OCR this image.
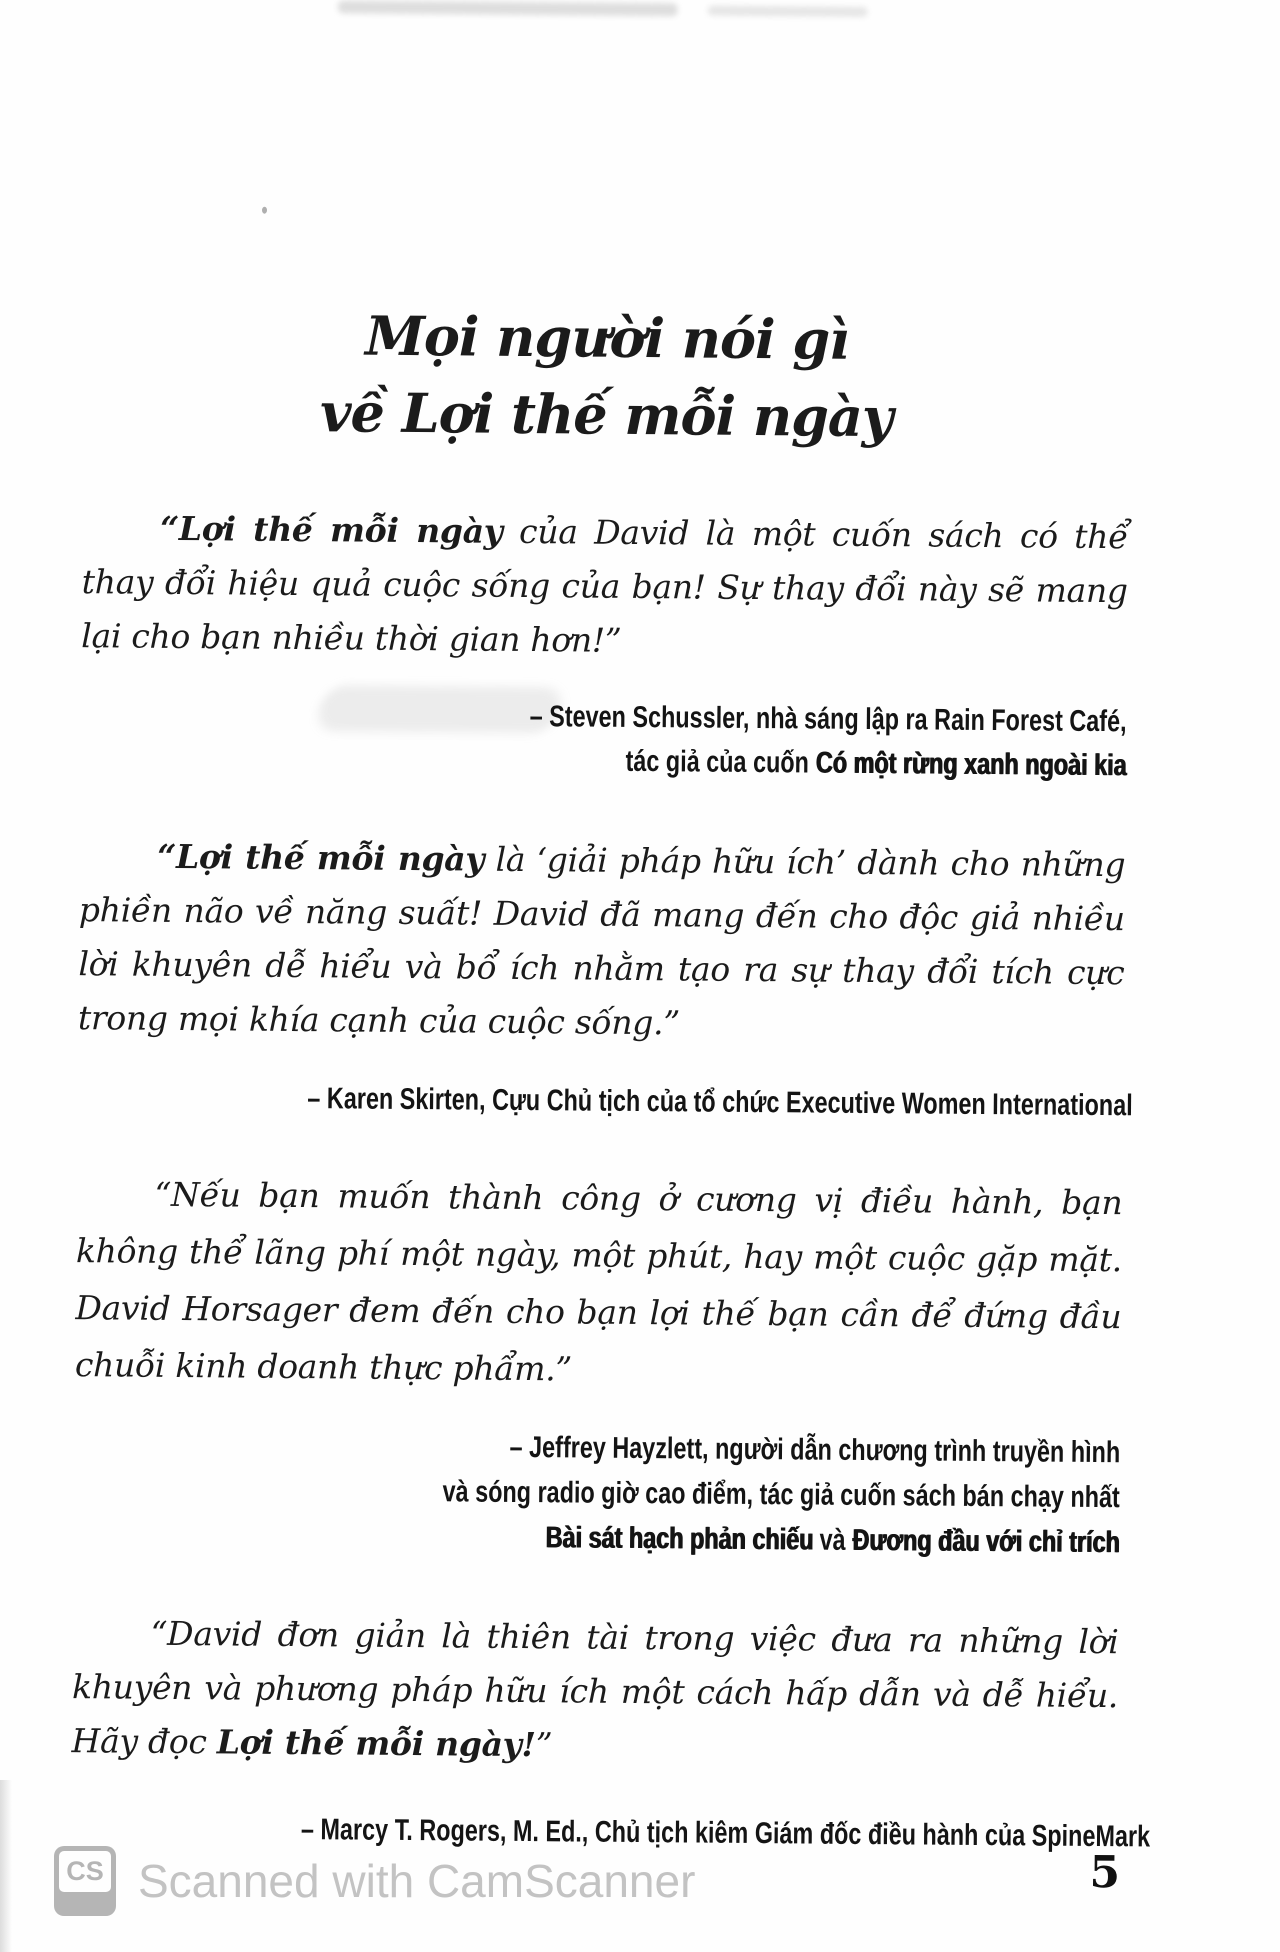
Mọi người nói gì
về Lợi thế mỗi ngày

“Lợi thế mỗi ngày của David là một cuốn sách có thể thay đổi hiệu quả cuộc sống của bạn! Sự thay đổi này sẽ mang lại cho bạn nhiều thời gian hơn!”

– Steven Schussler, nhà sáng lập ra Rain Forest Café,
tác giả của cuốn Có một rừng xanh ngoài kia

“Lợi thế mỗi ngày là ‘giải pháp hữu ích’ dành cho những phiền não về năng suất! David đã mang đến cho độc giả nhiều lời khuyên dễ hiểu và bổ ích nhằm tạo ra sự thay đổi tích cực trong mọi khía cạnh của cuộc sống.”

– Karen Skirten, Cựu Chủ tịch của tổ chức Executive Women International

“Nếu bạn muốn thành công ở cương vị điều hành, bạn không thể lãng phí một ngày, một phút, hay một cuộc gặp mặt. David Horsager đem đến cho bạn lợi thế bạn cần để đứng đầu chuỗi kinh doanh thực phẩm.”

– Jeffrey Hayzlett, người dẫn chương trình truyền hình
và sóng radio giờ cao điểm, tác giả cuốn sách bán chạy nhất
Bài sát hạch phản chiếu và Đương đầu với chỉ trích

“David đơn giản là thiên tài trong việc đưa ra những lời khuyên và phương pháp hữu ích một cách hấp dẫn và dễ hiểu. Hãy đọc Lợi thế mỗi ngày!”

– Marcy T. Rogers, M. Ed., Chủ tịch kiêm Giám đốc điều hành của SpineMark
5
CS Scanned with CamScanner
